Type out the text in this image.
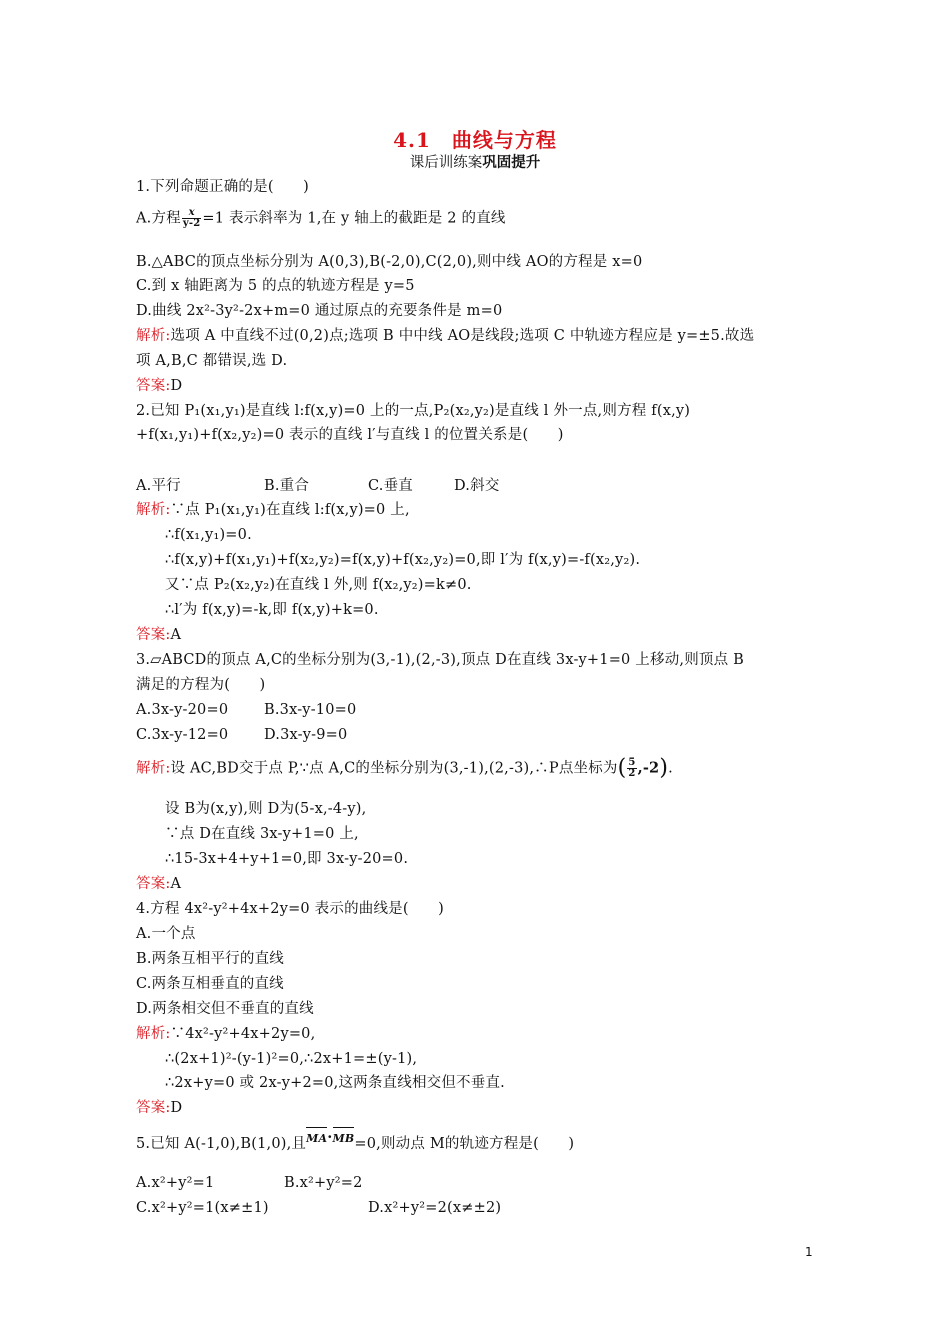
4.1　曲线与方程
课后训练案巩固提升
1.下列命题正确的是(　　)
A.方程 $\frac{x}{y-2} =1$ 表示斜率为 1,在 y 轴上的截距是 2 的直线
B.△ABC的顶点坐标分别为 A(0,3),B(-2,0),C(2,0),则中线 AO的方程是 x=0
C.到 x 轴距离为 5 的点的轨迹方程是 y=5
D.曲线 2x²-3y²-2x+m=0 通过原点的充要条件是 m=0
解析:选项 A 中直线不过(0,2)点;选项 B 中中线 AO是线段;选项 C 中轨迹方程应是 y=±5.故选
项 A,B,C 都错误,选 D.
答案:D
2.已知 P₁(x₁,y₁)是直线 l:f(x,y)=0 上的一点,P₂(x₂,y₂)是直线 l 外一点,则方程 f(x,y)
+f(x₁,y₁)+f(x₂,y₂)=0 表示的直线 l′与直线 l 的位置关系是(　　)
A.平行	B.重合	C.垂直	D.斜交
解析:∵点 P₁(x₁,y₁)在直线 l:f(x,y)=0 上,
∴f(x₁,y₁)=0.
∴f(x,y)+f(x₁,y₁)+f(x₂,y₂)=f(x,y)+f(x₂,y₂)=0,即 l′为 f(x,y)=-f(x₂,y₂).
又∵点 P₂(x₂,y₂)在直线 l 外,则 f(x₂,y₂)=k≠0.
∴l′为 f(x,y)=-k,即 f(x,y)+k=0.
答案:A
3.▱ABCD的顶点 A,C的坐标分别为(3,-1),(2,-3),顶点 D在直线 3x-y+1=0 上移动,则顶点 B
满足的方程为(　　)
A.3x-y-20=0 B.3x-y-10=0
C.3x-y-12=0 D.3x-y-9=0
解析:设 AC,BD交于点 P,∵点 A,C的坐标分别为(3,-1),(2,-3),∴P点坐标为( $\frac{5}{2} ,-2$).
设 B为(x,y),则 D为(5-x,-4-y),
∵点 D在直线 3x-y+1=0 上,
∴15-3x+4+y+1=0,即 3x-y-20=0.
答案:A
4.方程 4x²-y²+4x+2y=0 表示的曲线是(　　)
A.一个点
B.两条互相平行的直线
C.两条互相垂直的直线
D.两条相交但不垂直的直线
解析:∵4x²-y²+4x+2y=0,
∴(2x+1)²-(y-1)²=0,∴2x+1=±(y-1),
∴2x+y=0 或 2x-y+2=0,这两条直线相交但不垂直.
答案:D
5.已知 A(-1,0),B(1,0),且MA·MB=0,则动点 M的轨迹方程是(　　)
A.x²+y²=1	B.x²+y²=2
C.x²+y²=1(x≠±1)	D.x²+y²=2(x≠±2)
1
